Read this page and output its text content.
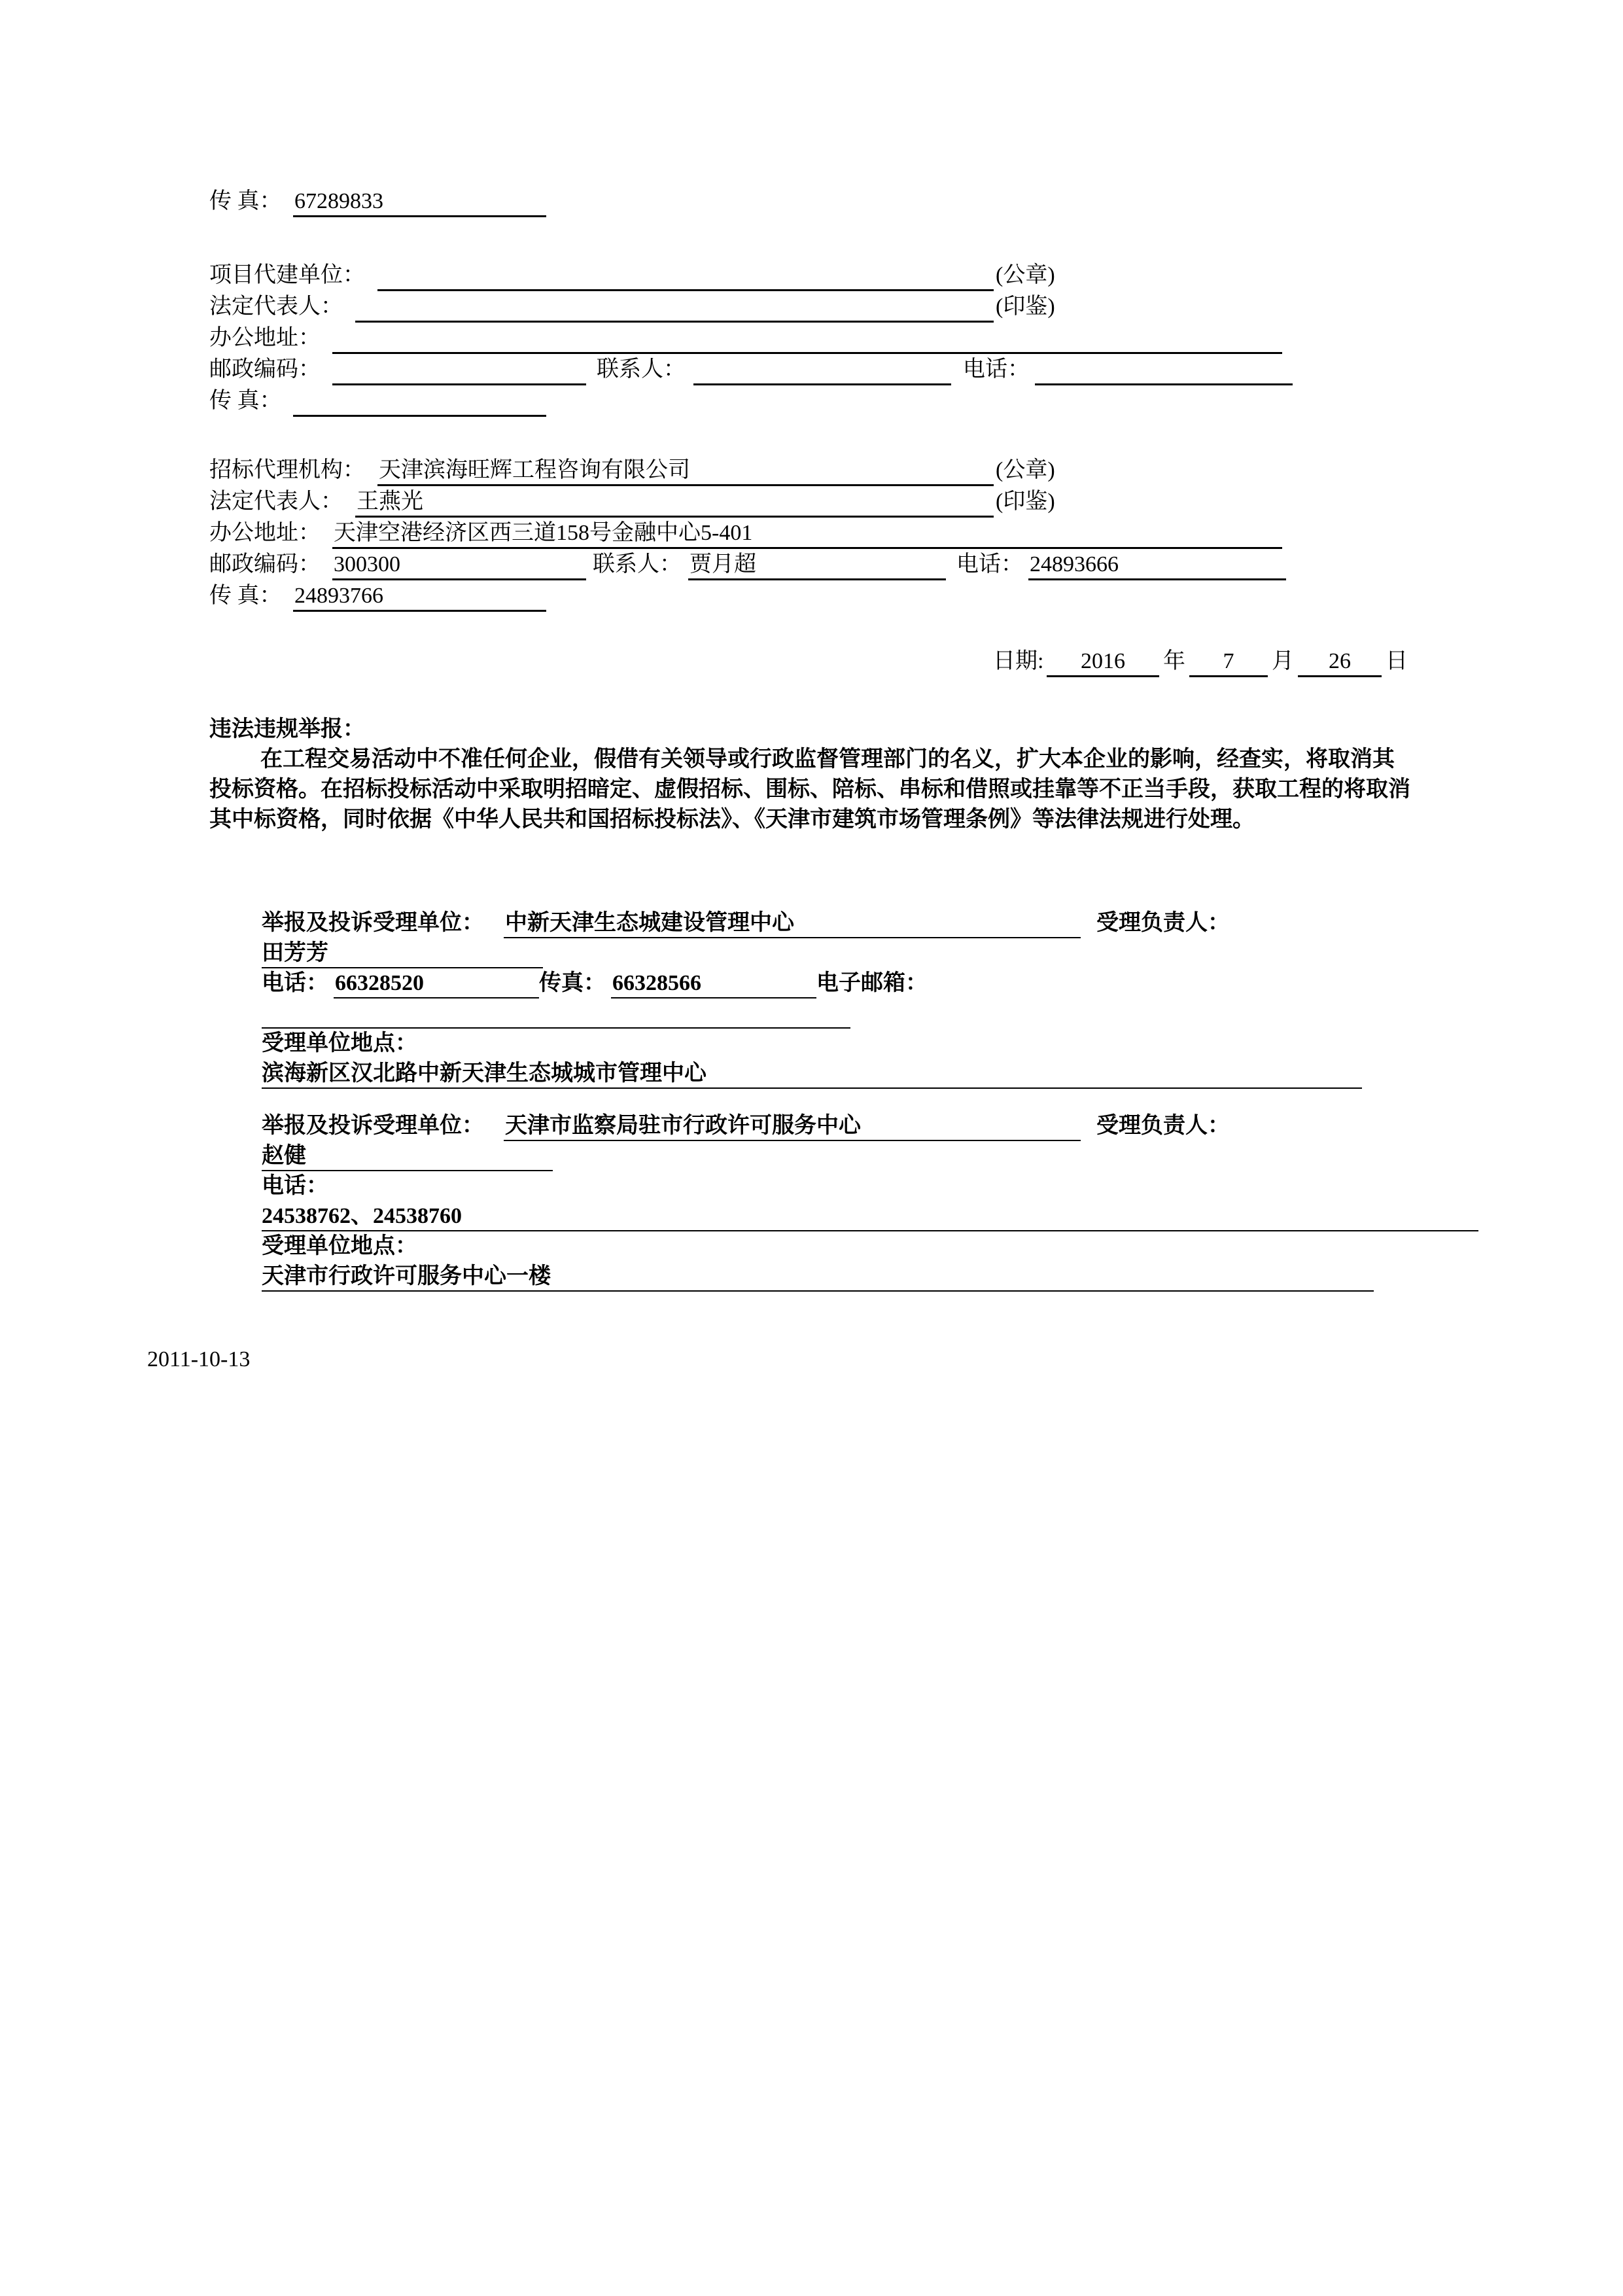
传 真： 67289833
项目代建单位：	(公章)
法定代表人：	(印鉴)
办公地址：
邮政编码：	联系人：	电话：
传 真：
招标代理机构： 天津滨海旺辉工程咨询有限公司	(公章)
法定代表人： 王燕光	(印鉴)
办公地址： 天津空港经济区西三道158号金融中心5-401
邮政编码： 300300	联系人： 贾月超	电话： 24893666
传 真： 24893766
日期:	2016	年	7	月	26	日

违法违规举报：

在工程交易活动中不准任何企业，假借有关领导或行政监督管理部门的名义，扩大本企业的影响，经查实，将取消其投标资格。在招标投标活动中采取明招暗定、虚假招标、围标、陪标、串标和借照或挂靠等不正当手段，获取工程的将取消其中标资格，同时依据《中华人民共和国招标投标法》、《天津市建筑市场管理条例》等法律法规进行处理。

举报及投诉受理单位： 中新天津生态城建设管理中心	受理负责人：
田芳芳
电话： 66328520	传真： 66328566	电子邮箱：
受理单位地点：
滨海新区汉北路中新天津生态城城市管理中心
举报及投诉受理单位： 天津市监察局驻市行政许可服务中心	受理负责人：
赵健
电话：
24538762、24538760
受理单位地点：
天津市行政许可服务中心一楼
2011-10-13
